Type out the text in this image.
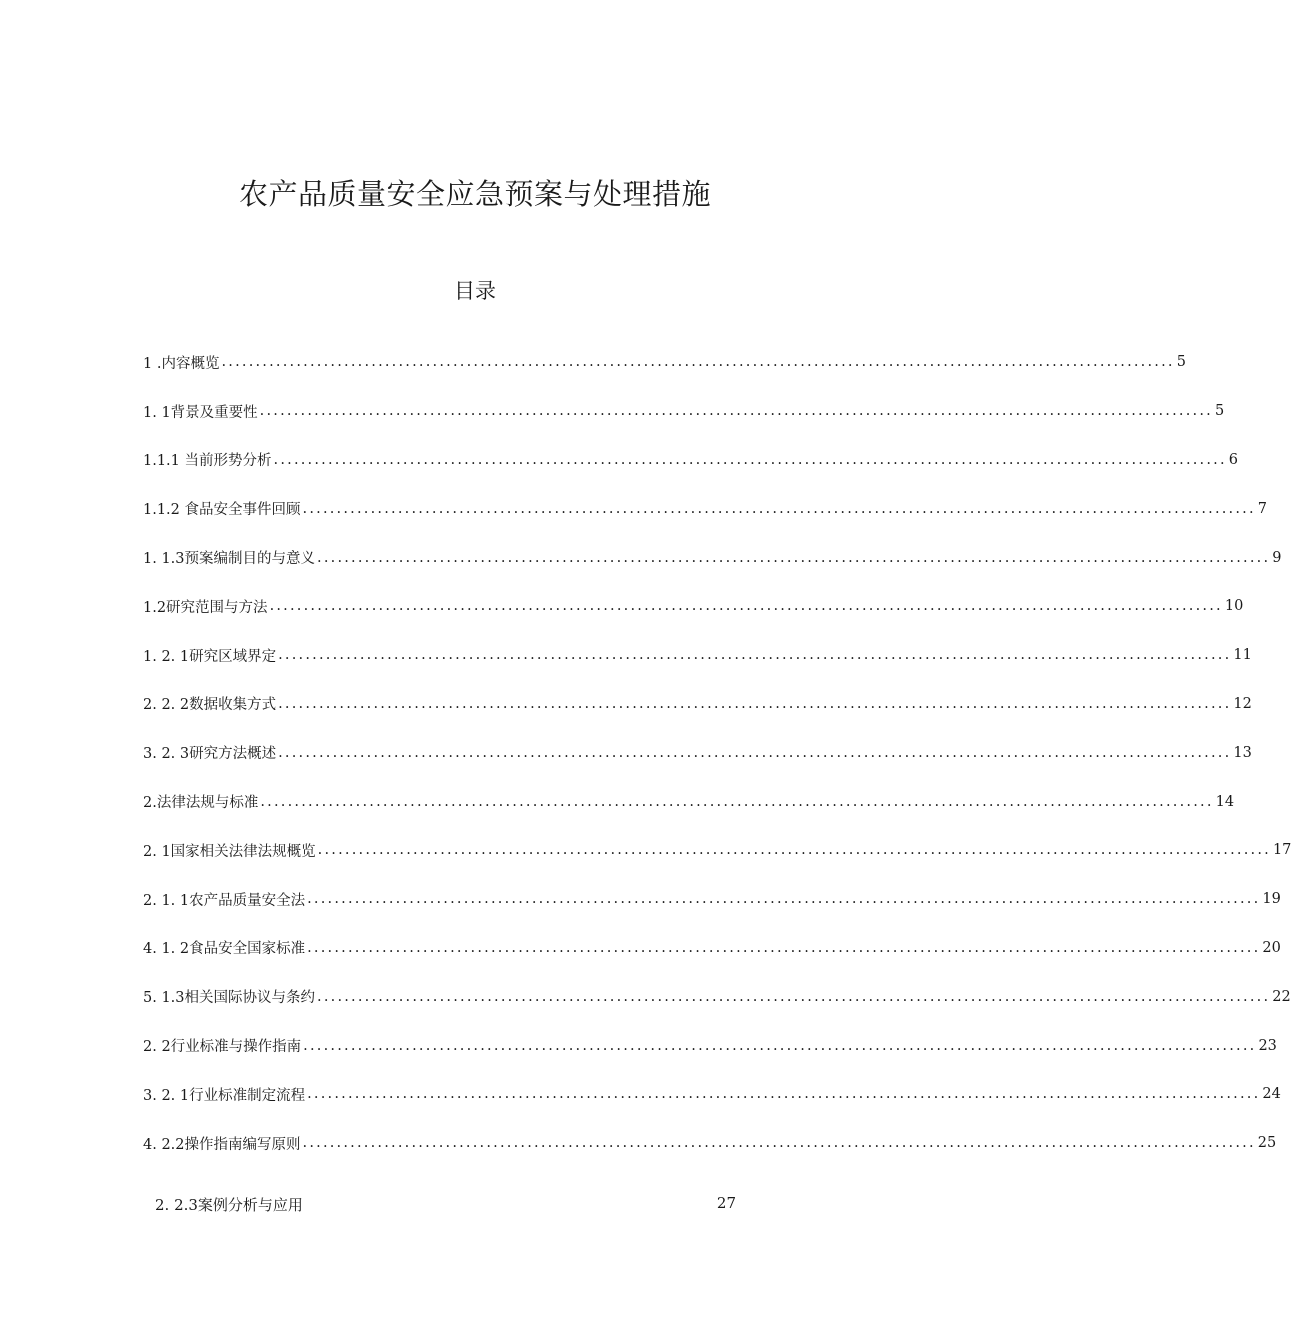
农产品质量安全应急预案与处理措施
目录
1 .内容概览 ............................................................................................................................................ 5
1. 1背景及重要性 ............................................................................................................................................ 5
1.1.1 当前形势分析 ............................................................................................................................................ 6
1.1.2 食品安全事件回顾 ............................................................................................................................................ 7
1. 1.3预案编制目的与意义 ............................................................................................................................................ 9
1.2研究范围与方法 ............................................................................................................................................ 10
1. 2. 1研究区域界定 ............................................................................................................................................ 11
2. 2. 2数据收集方式 ............................................................................................................................................ 12
3. 2. 3研究方法概述 ............................................................................................................................................ 13
2.法律法规与标准 ............................................................................................................................................ 14
2. 1国家相关法律法规概览 ............................................................................................................................................ 17
2. 1. 1农产品质量安全法 ............................................................................................................................................ 19
4. 1. 2食品安全国家标准 ............................................................................................................................................ 20
5. 1.3相关国际协议与条约 ............................................................................................................................................ 22
2. 2行业标准与操作指南 ............................................................................................................................................ 23
3. 2. 1行业标准制定流程 ............................................................................................................................................ 24
4. 2.2操作指南编写原则 ............................................................................................................................................ 25
2. 2.3案例分析与应用	27
